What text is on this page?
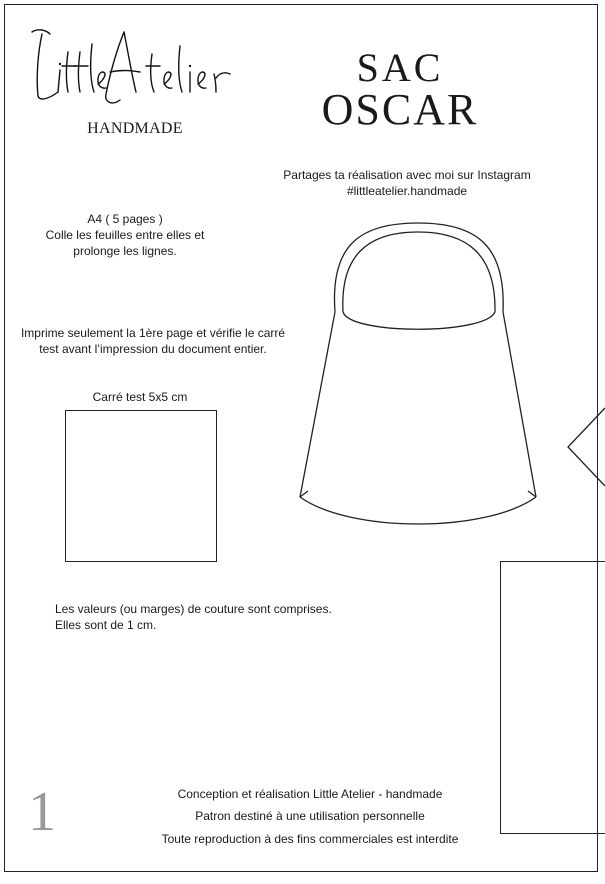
HANDMADE
SAC
OSCAR
Partages ta réalisation avec moi sur Instagram
#littleatelier.handmade
A4 ( 5 pages )
Colle les feuilles entre elles et
prolonge les lignes.
Imprime seulement la 1ère page et vérifie le carré
test avant l’impression du document entier.
Carré test 5x5 cm
Les valeurs (ou marges) de couture sont comprises.
Elles sont de 1 cm.
1	Conception et réalisation Little Atelier - handmade
Patron destiné à une utilisation personnelle
Toute reproduction à des fins commerciales est interdite
